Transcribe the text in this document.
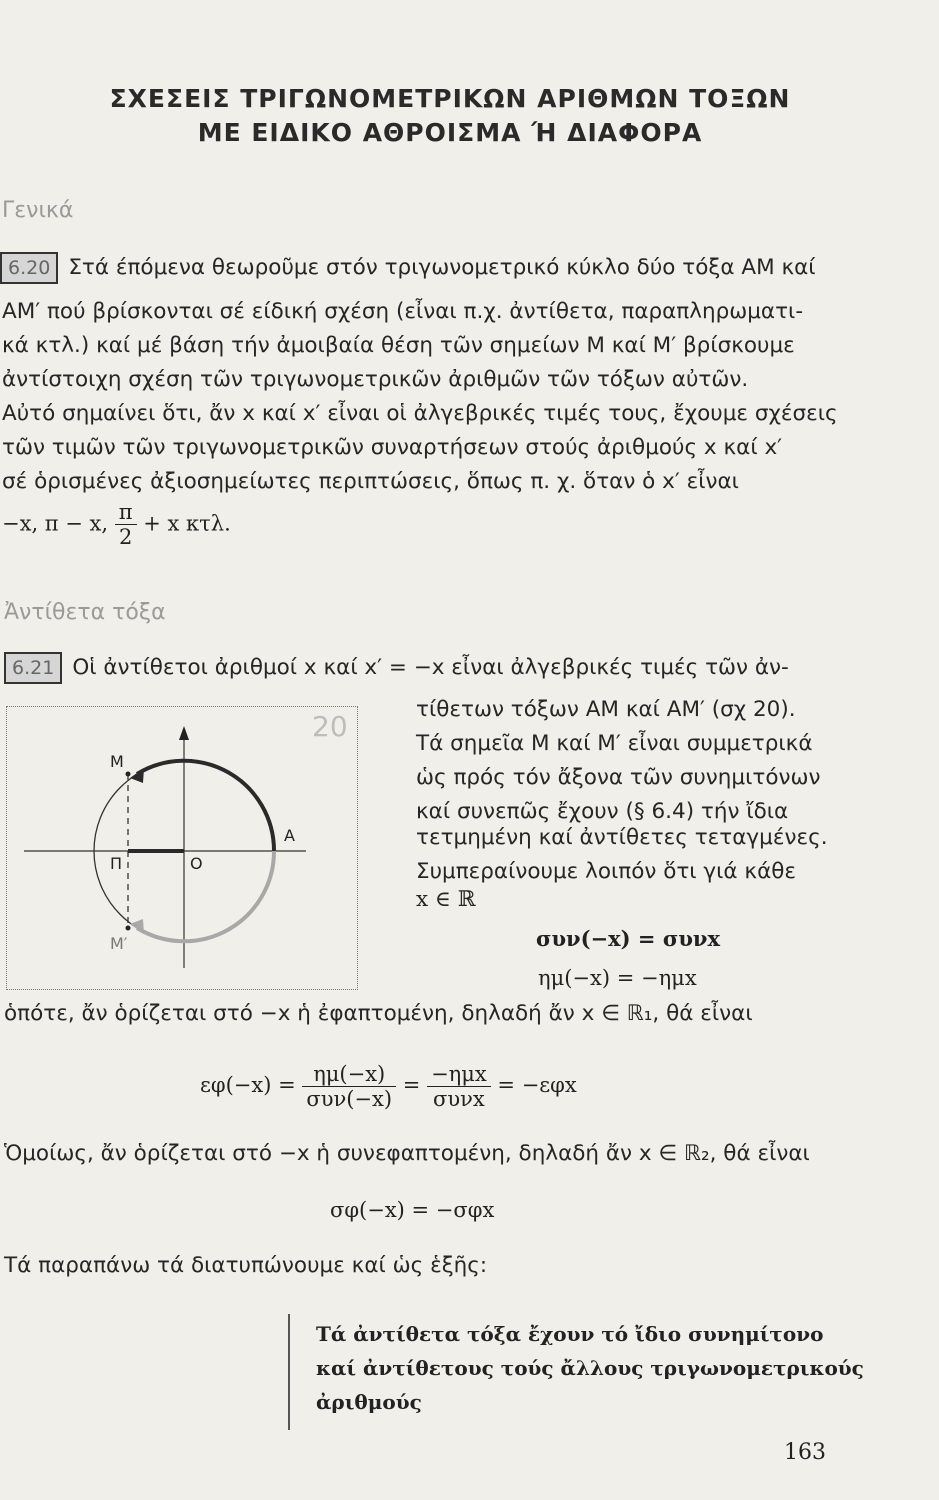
ΣΧΕΣΕΙΣ ΤΡΙΓΩΝΟΜΕΤΡΙΚΩΝ ΑΡΙΘΜΩΝ ΤΟΞΩΝ
ΜΕ ΕΙΔΙΚΟ ΑΘΡΟΙΣΜΑ Ή ΔΙΑΦΟΡΑ
Γενικά
6.20 Στά έπόμενα θεωροῦμε στόν τριγωνομετρικό κύκλο δύο τόξα ΑΜ καί
ΑΜ′ πού βρίσκονται σέ είδική σχέση (εἶναι π.χ. ἀντίθετα, παραπληρωματι-
κά κτλ.) καί μέ βάση τήν ἀμοιβαία θέση τῶν σημείων Μ καί Μ′ βρίσκουμε
ἀντίστοιχη σχέση τῶν τριγωνομετρικῶν ἀριθμῶν τῶν τόξων αὐτῶν.
Αὐτό σημαίνει ὅτι, ἄν x καί x′ εἶναι οἱ ἀλγεβρικές τιμές τους, ἔχουμε σχέσεις
τῶν τιμῶν τῶν τριγωνομετρικῶν συναρτήσεων στούς ἀριθμούς x καί x′
σέ ὁρισμένες ἀξιοσημείωτες περιπτώσεις, ὅπως π. χ. ὅταν ὁ x′ εἶναι
−x, π − x, $\frac{\pi}{2} + x$ κτλ.
Ἀντίθετα τόξα
6.21 Οἱ ἀντίθετοι ἀριθμοί x καί x′ = −x εἶναι ἀλγεβρικές τιμές τῶν ἀν-
τίθετων τόξων ΑΜ καί ΑΜ′ (σχ 20).
Τά σημεῖα Μ καί Μ′ εἶναι συμμετρικά
ὡς πρός τόν ἄξονα τῶν συνημιτόνων
καί συνεπῶς ἔχουν (§ 6.4) τήν ἴδια
τετμημένη καί ἀντίθετες τεταγμένες.
Συμπεραίνουμε λοιπόν ὅτι γιά κάθε
x ∈ ℝ
συν(−x) = συνx
ημ(−x) = −ημx
20
M
M′
A
Π	O
ὁπότε, ἄν ὁρίζεται στό −x ἡ ἐφαπτομένη, δηλαδή ἄν x ∈ ℝ₁, θά εἶναι
$\varepsilon\varphi(-x) = \frac{\eta\mu(-x)}{\text{συν(−x)}} = \frac{\text{−ημx}}{\text{συνx}} = -\varepsilon\varphi x$
Ὁμοίως, ἄν ὁρίζεται στό −x ἡ συνεφαπτομένη, δηλαδή ἄν x ∈ ℝ₂, θά εἶναι
σφ(−x) = −σφx
Τά παραπάνω τά διατυπώνουμε καί ὡς ἑξῆς:
Τά ἀντίθετα τόξα ἔχουν τό ἴδιο συνημίτονο
καί ἀντίθετους τούς ἄλλους τριγωνομετρικούς
ἀριθμούς
163
